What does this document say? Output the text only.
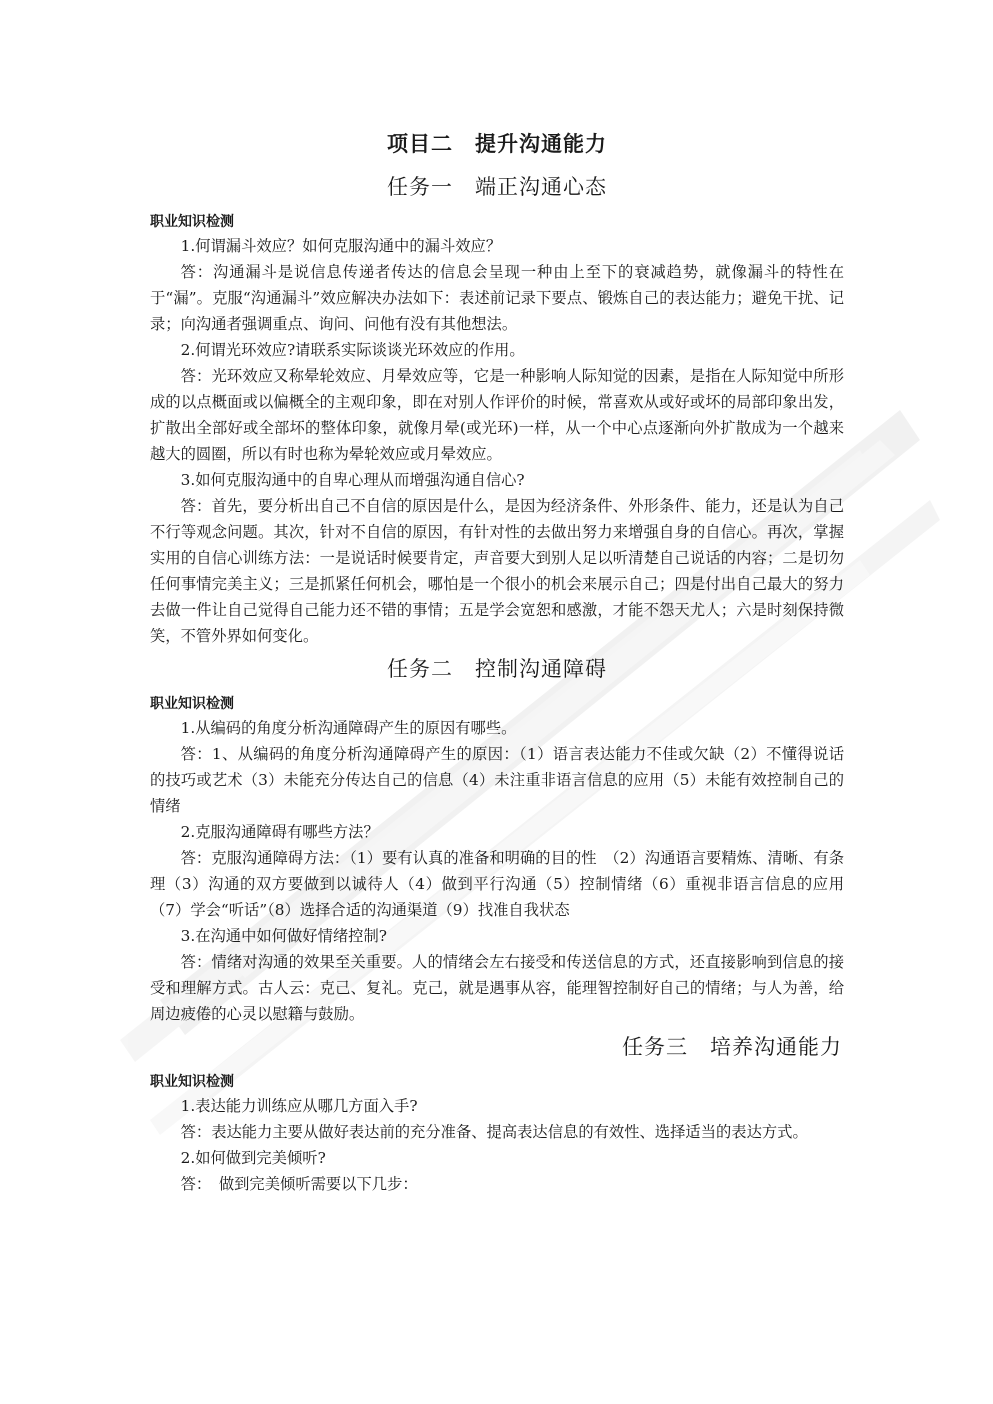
项目二　提升沟通能力
任务一　端正沟通心态
职业知识检测

1.何谓漏斗效应？如何克服沟通中的漏斗效应？

答：沟通漏斗是说信息传递者传达的信息会呈现一种由上至下的衰减趋势，就像漏斗的特性在于“漏”。克服“沟通漏斗”效应解决办法如下：表述前记录下要点、锻炼自己的表达能力；避免干扰、记录；向沟通者强调重点、询问、问他有没有其他想法。

2.何谓光环效应?请联系实际谈谈光环效应的作用。

答：光环效应又称晕轮效应、月晕效应等，它是一种影响人际知觉的因素，是指在人际知觉中所形成的以点概面或以偏概全的主观印象，即在对别人作评价的时候，常喜欢从或好或坏的局部印象出发，扩散出全部好或全部坏的整体印象，就像月晕(或光环)一样，从一个中心点逐渐向外扩散成为一个越来越大的圆圈，所以有时也称为晕轮效应或月晕效应。

3.如何克服沟通中的自卑心理从而增强沟通自信心?

答：首先，要分析出自己不自信的原因是什么，是因为经济条件、外形条件、能力，还是认为自己不行等观念问题。其次，针对不自信的原因，有针对性的去做出努力来增强自身的自信心。再次，掌握实用的自信心训练方法：一是说话时候要肯定，声音要大到别人足以听清楚自己说话的内容；二是切勿任何事情完美主义；三是抓紧任何机会，哪怕是一个很小的机会来展示自己；四是付出自己最大的努力去做一件让自己觉得自己能力还不错的事情；五是学会宽恕和感激，才能不怨天尤人；六是时刻保持微笑，不管外界如何变化。

任务二　控制沟通障碍
职业知识检测

1.从编码的角度分析沟通障碍产生的原因有哪些。

答：1、从编码的角度分析沟通障碍产生的原因：（1）语言表达能力不佳或欠缺（2）不懂得说话的技巧或艺术（3）未能充分传达自己的信息（4）未注重非语言信息的应用（5）未能有效控制自己的情绪

2.克服沟通障碍有哪些方法？

答：克服沟通障碍方法：（1）要有认真的准备和明确的目的性　（2）沟通语言要精炼、清晰、有条理（3）沟通的双方要做到以诚待人（4）做到平行沟通（5）控制情绪（6）重视非语言信息的应用（7）学会“听话”（8）选择合适的沟通渠道（9）找准自我状态

3.在沟通中如何做好情绪控制?

答：情绪对沟通的效果至关重要。人的情绪会左右接受和传送信息的方式，还直接影响到信息的接受和理解方式。古人云：克己、复礼。克己，就是遇事从容，能理智控制好自己的情绪；与人为善，给周边疲倦的心灵以慰籍与鼓励。

任务三　培养沟通能力
职业知识检测

1.表达能力训练应从哪几方面入手?

答：表达能力主要从做好表达前的充分准备、提高表达信息的有效性、选择适当的表达方式。

2.如何做到完美倾听?

答：　做到完美倾听需要以下几步：
